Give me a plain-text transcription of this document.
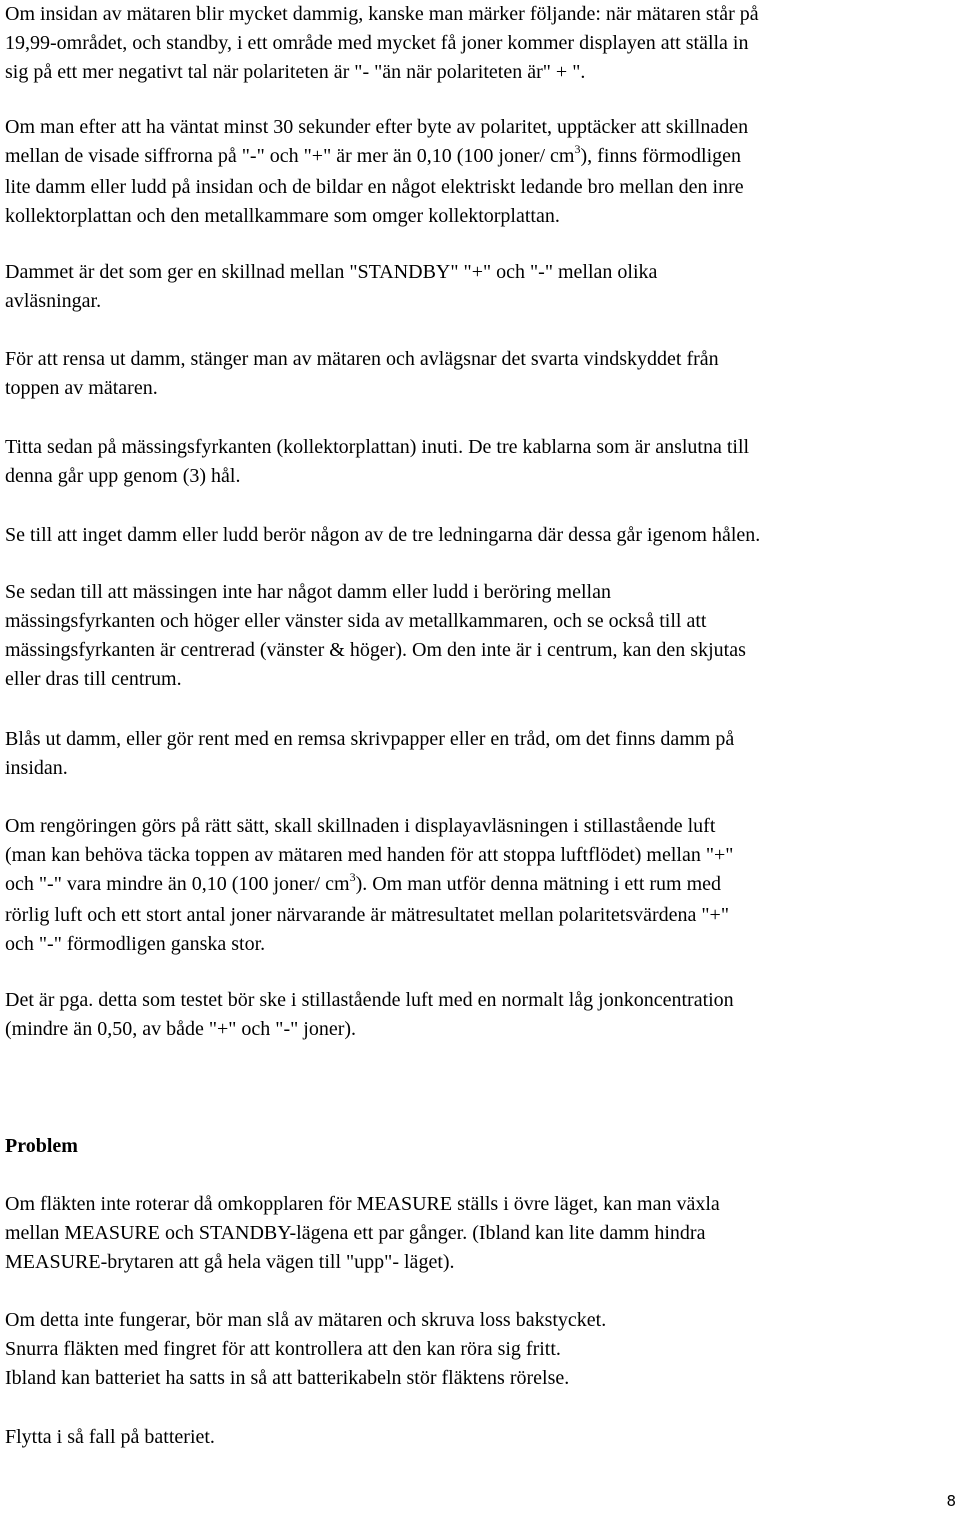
Om insidan av mätaren blir mycket dammig, kanske man märker följande: när mätaren står på
19,99-området, och standby, i ett område med mycket få joner kommer displayen att ställa in
sig på ett mer negativt tal när polariteten är "- "än när polariteten är" + ".

Om man efter att ha väntat minst 30 sekunder efter byte av polaritet, upptäcker att skillnaden
mellan de visade siffrorna på "-" och "+" är mer än 0,10 (100 joner/ $cm^3$), finns förmodligen
lite damm eller ludd på insidan och de bildar en något elektriskt ledande bro mellan den inre
kollektorplattan och den metallkammare som omger kollektorplattan.

Dammet är det som ger en skillnad mellan "STANDBY" "+" och "-" mellan olika
avläsningar.

För att rensa ut damm, stänger man av mätaren och avlägsnar det svarta vindskyddet från
toppen av mätaren.

Titta sedan på mässingsfyrkanten (kollektorplattan) inuti. De tre kablarna som är anslutna till
denna går upp genom (3) hål.

Se till att inget damm eller ludd berör någon av de tre ledningarna där dessa går igenom hålen.

Se sedan till att mässingen inte har något damm eller ludd i beröring mellan
mässingsfyrkanten och höger eller vänster sida av metallkammaren, och se också till att
mässingsfyrkanten är centrerad (vänster & höger). Om den inte är i centrum, kan den skjutas
eller dras till centrum.

Blås ut damm, eller gör rent med en remsa skrivpapper eller en tråd, om det finns damm på
insidan.

Om rengöringen görs på rätt sätt, skall skillnaden i displayavläsningen i stillastående luft
(man kan behöva täcka toppen av mätaren med handen för att stoppa luftflödet) mellan "+"
och "-" vara mindre än 0,10 (100 joner/ $cm^3$). Om man utför denna mätning i ett rum med
rörlig luft och ett stort antal joner närvarande är mätresultatet mellan polaritetsvärdena "+"
och "-" förmodligen ganska stor.

Det är pga. detta som testet bör ske i stillastående luft med en normalt låg jonkoncentration
(mindre än 0,50, av både "+" och "-" joner).

Problem

Om fläkten inte roterar då omkopplaren för MEASURE ställs i övre läget, kan man växla
mellan MEASURE och STANDBY-lägena ett par gånger. (Ibland kan lite damm hindra
MEASURE-brytaren att gå hela vägen till "upp"- läget).

Om detta inte fungerar, bör man slå av mätaren och skruva loss bakstycket.
Snurra fläkten med fingret för att kontrollera att den kan röra sig fritt.
Ibland kan batteriet ha satts in så att batterikabeln stör fläktens rörelse.

Flytta i så fall på batteriet.

8
